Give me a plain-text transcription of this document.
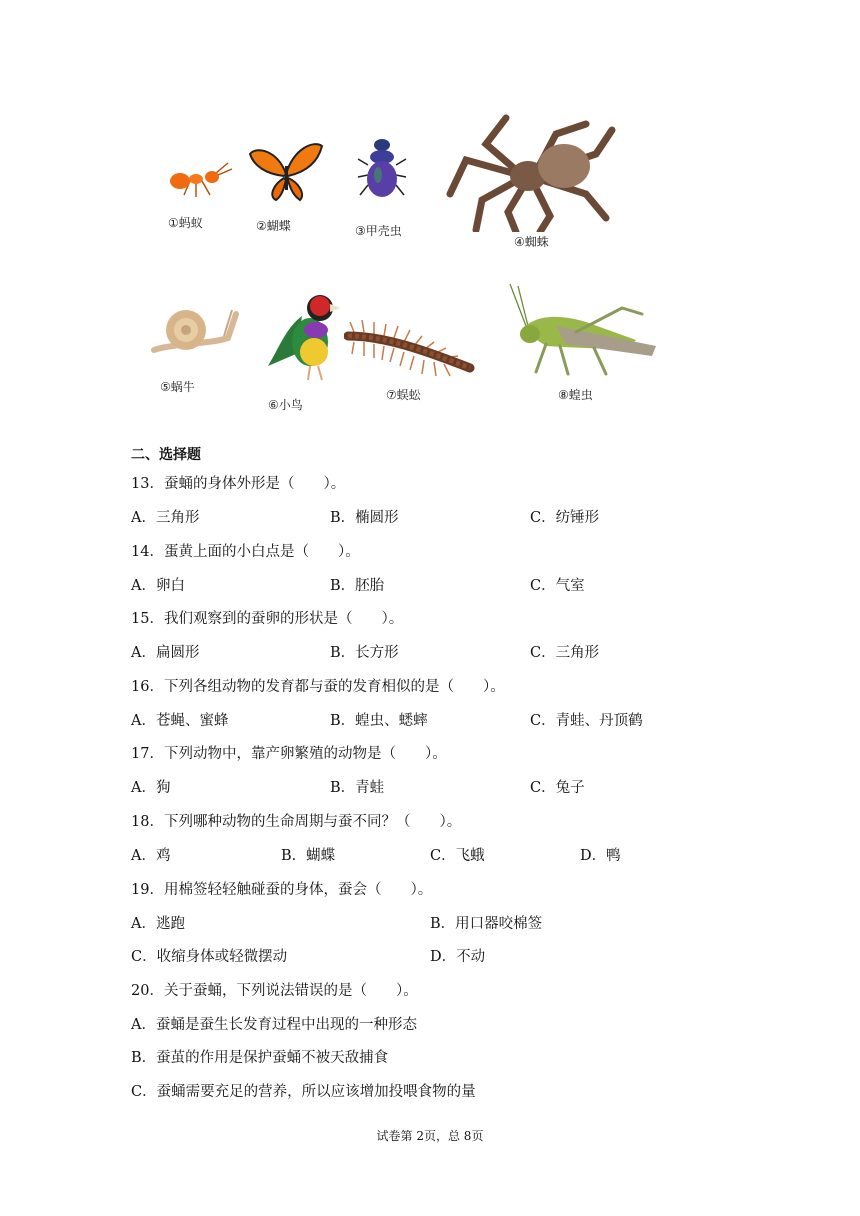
①蚂蚁	②蝴蝶	③甲壳虫
④蜘蛛
⑤蜗牛
⑥小鸟
⑦蜈蚣	⑧蝗虫
二、选择题
13．蚕蛹的身体外形是（　　）。
A．三角形	B．椭圆形	C．纺锤形
14．蛋黄上面的小白点是（　　）。
A．卵白	B．胚胎	C．气室
15．我们观察到的蚕卵的形状是（　　）。
A．扁圆形	B．长方形	C．三角形
16．下列各组动物的发育都与蚕的发育相似的是（　　）。
A．苍蝇、蜜蜂	B．蝗虫、蟋蟀	C．青蛙、丹顶鹤
17．下列动物中，靠产卵繁殖的动物是（　　）。
A．狗	B．青蛙	C．兔子
18．下列哪种动物的生命周期与蚕不同？（　　）。
A．鸡	B．蝴蝶	C．飞蛾	D．鸭
19．用棉签轻轻触碰蚕的身体，蚕会（　　）。
A．逃跑	B．用口器咬棉签
C．收缩身体或轻微摆动	D．不动
20．关于蚕蛹，下列说法错误的是（　　）。
A．蚕蛹是蚕生长发育过程中出现的一种形态
B．蚕茧的作用是保护蚕蛹不被天敌捕食
C．蚕蛹需要充足的营养，所以应该增加投喂食物的量
试卷第 2页，总 8页
